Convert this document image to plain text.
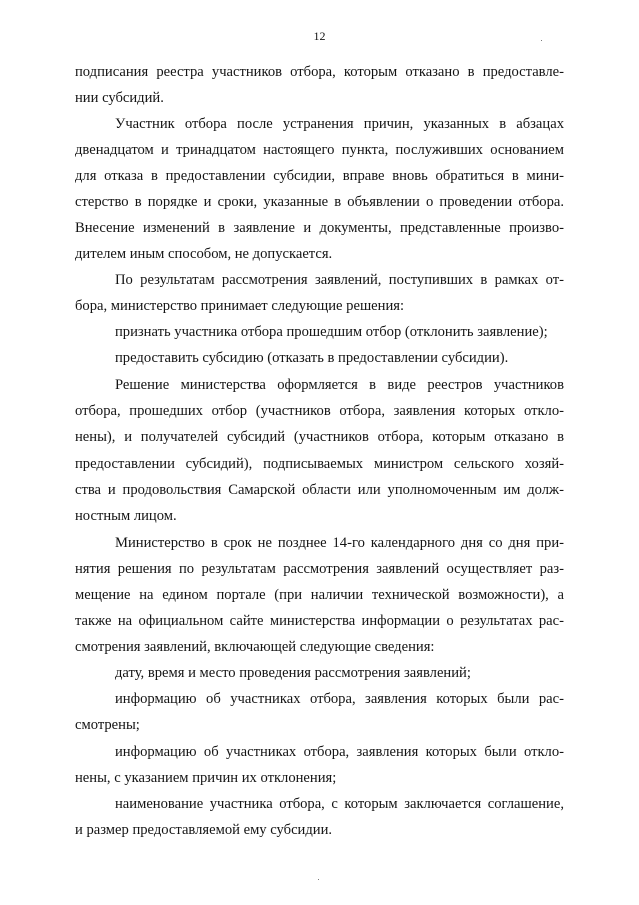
12
подписания реестра участников отбора, которым отказано в предоставле-
нии субсидий.
Участник отбора после устранения причин, указанных в абзацах
двенадцатом и тринадцатом настоящего пункта, послуживших основанием
для отказа в предоставлении субсидии, вправе вновь обратиться в мини-
стерство в порядке и сроки, указанные в объявлении о проведении отбора.
Внесение изменений в заявление и документы, представленные произво-
дителем иным способом, не допускается.
По результатам рассмотрения заявлений, поступивших в рамках от-
бора, министерство принимает следующие решения:
признать участника отбора прошедшим отбор (отклонить заявление);
предоставить субсидию (отказать в предоставлении субсидии).
Решение министерства оформляется в виде реестров участников
отбора, прошедших отбор (участников отбора, заявления которых откло-
нены), и получателей субсидий (участников отбора, которым отказано в
предоставлении субсидий), подписываемых министром сельского хозяй-
ства и продовольствия Самарской области или уполномоченным им долж-
ностным лицом.
Министерство в срок не позднее 14-го календарного дня со дня при-
нятия решения по результатам рассмотрения заявлений осуществляет раз-
мещение на едином портале (при наличии технической возможности), а
также на официальном сайте министерства информации о результатах рас-
смотрения заявлений, включающей следующие сведения:
дату, время и место проведения рассмотрения заявлений;
информацию об участниках отбора, заявления которых были рас-
смотрены;
информацию об участниках отбора, заявления которых были откло-
нены, с указанием причин их отклонения;
наименование участника отбора, с которым заключается соглашение,
и размер предоставляемой ему субсидии.
